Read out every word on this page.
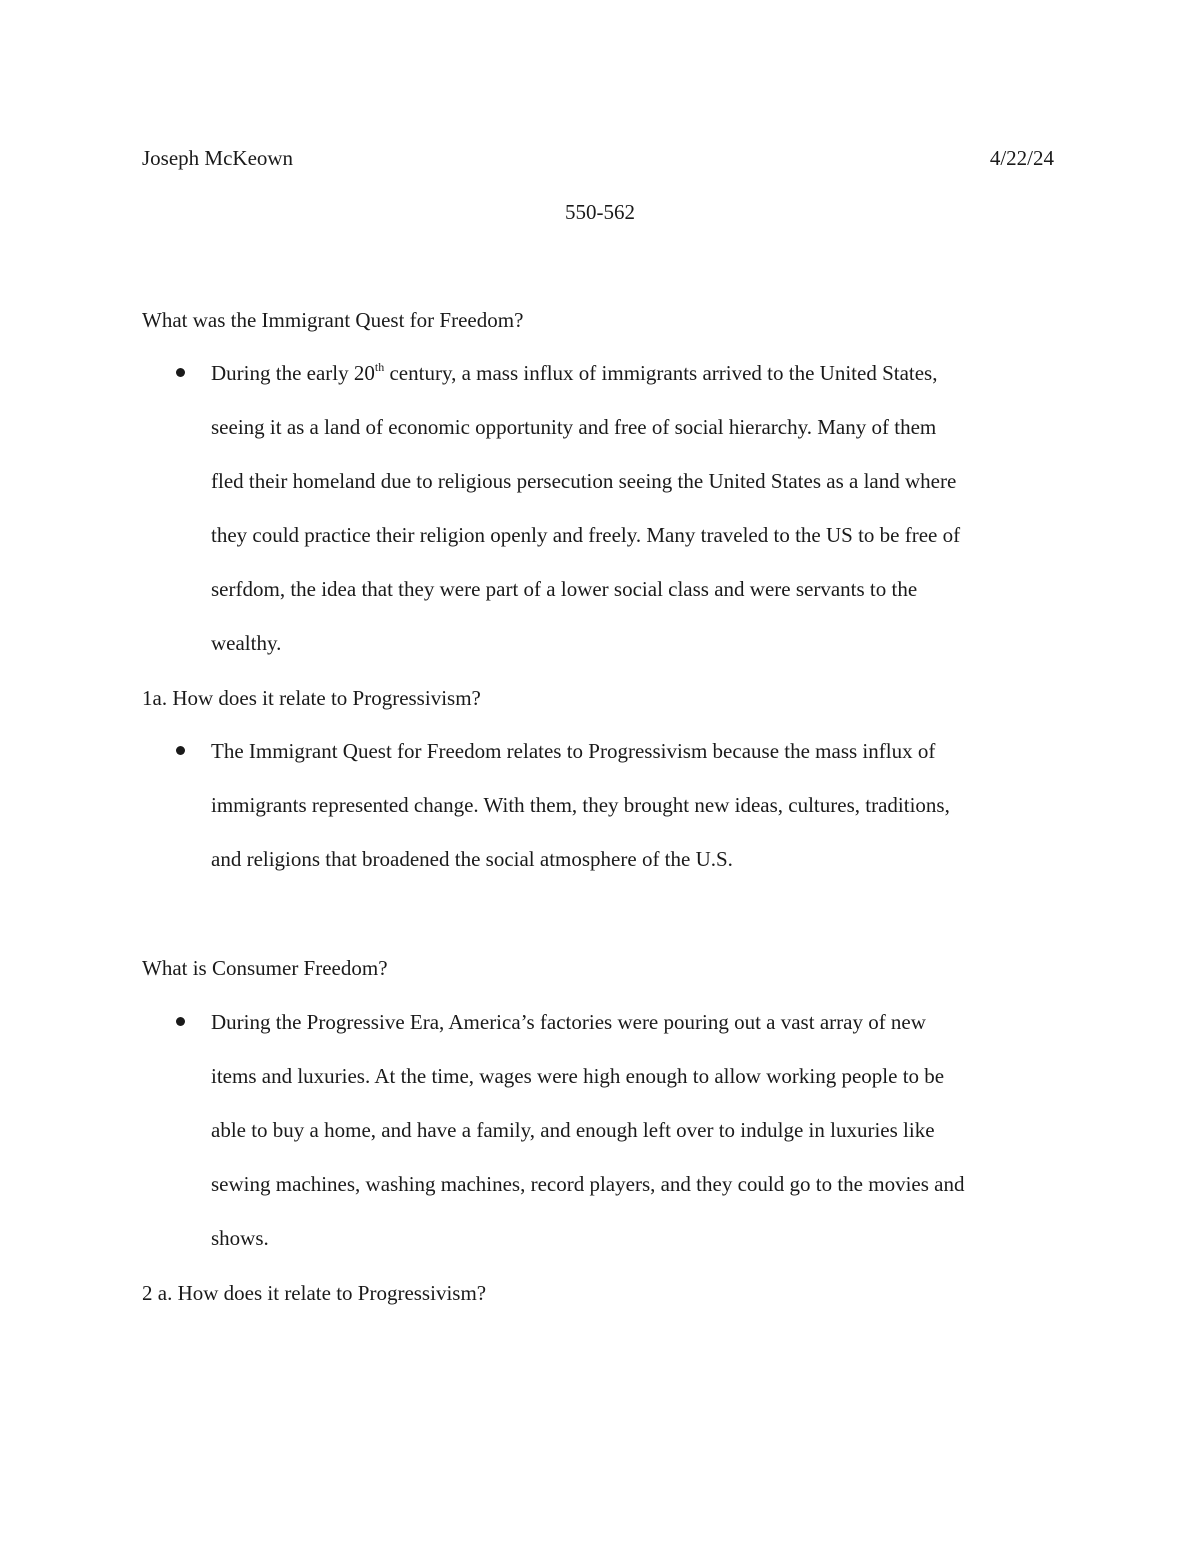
Joseph McKeown	4/22/24
550-562
What was the Immigrant Quest for Freedom?
During the early 20th century, a mass influx of immigrants arrived to the United States,
seeing it as a land of economic opportunity and free of social hierarchy. Many of them
fled their homeland due to religious persecution seeing the United States as a land where
they could practice their religion openly and freely. Many traveled to the US to be free of
serfdom, the idea that they were part of a lower social class and were servants to the
wealthy.
1a. How does it relate to Progressivism?
The Immigrant Quest for Freedom relates to Progressivism because the mass influx of
immigrants represented change. With them, they brought new ideas, cultures, traditions,
and religions that broadened the social atmosphere of the U.S.
What is Consumer Freedom?
During the Progressive Era, America’s factories were pouring out a vast array of new
items and luxuries. At the time, wages were high enough to allow working people to be
able to buy a home, and have a family, and enough left over to indulge in luxuries like
sewing machines, washing machines, record players, and they could go to the movies and
shows.
2 a. How does it relate to Progressivism?
